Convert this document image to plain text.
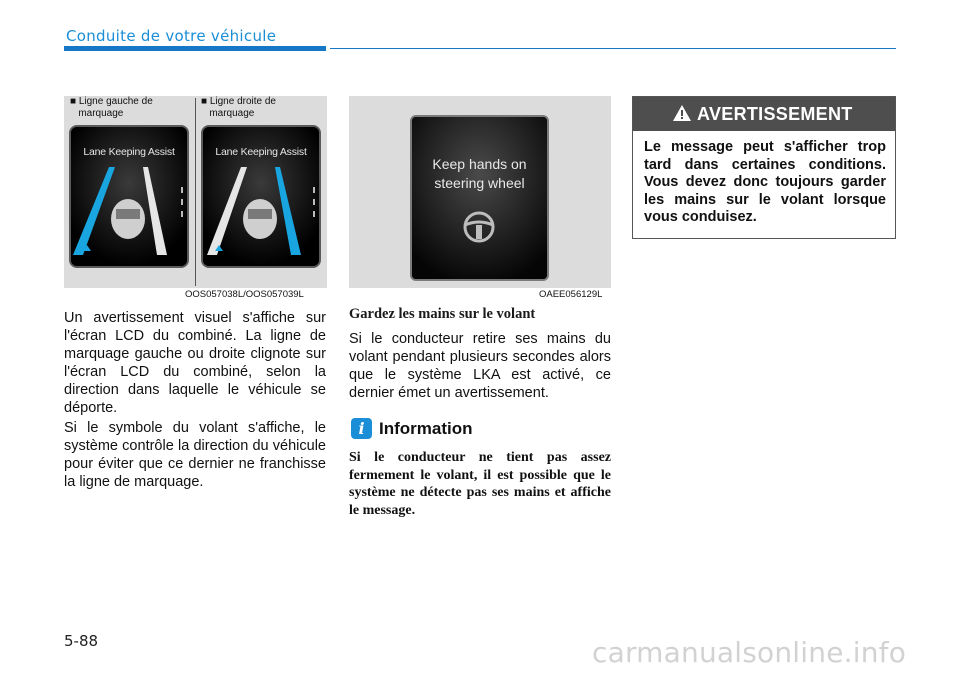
Conduite de votre véhicule
■ Ligne gauche de
marquage
■ Ligne droite de
marquage
Lane Keeping Assist	Lane Keeping Assist
OOS057038L/OOS057039L
Keep hands on
steering wheel
OAEE056129L
Un avertissement visuel s'affiche sur l'écran LCD du combiné. La ligne de marquage gauche ou droite clignote sur l'écran LCD du combiné, selon la direction dans laquelle le véhicule se déporte.
Si le symbole du volant s'affiche, le système contrôle la direction du véhicule pour éviter que ce dernier ne franchisse la ligne de marquage.
Gardez les mains sur le volant
Si le conducteur retire ses mains du volant pendant plusieurs secondes alors que le système LKA est activé, ce dernier émet un avertissement.
i Information
Si le conducteur ne tient pas assez fermement le volant, il est possible que le système ne détecte pas ses mains et affiche le message.
AVERTISSEMENT
Le message peut s'afficher trop tard dans certaines conditions. Vous devez donc toujours garder les mains sur le volant lorsque vous conduisez.
5-88	carmanualsonline.info
